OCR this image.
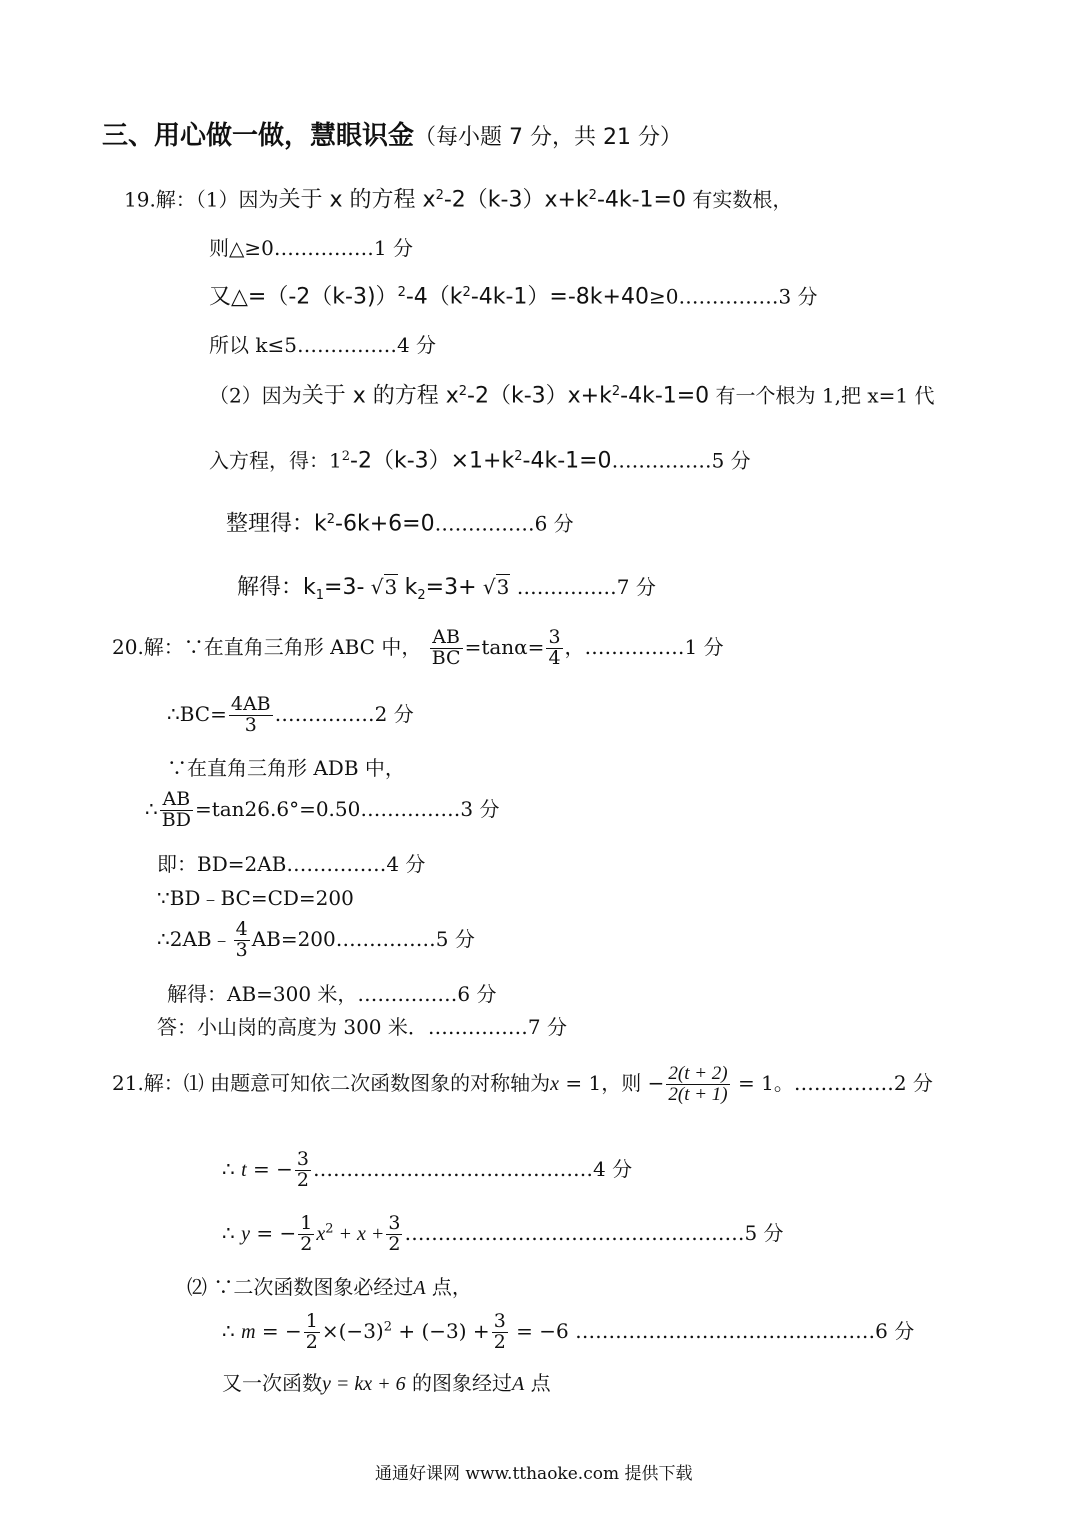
三、用心做一做，慧眼识金（每小题 7 分，共 21 分）
19.解：（1）因为关于 x 的方程 $x^2-2(k-3)x+k^2-4k-1=0$ 有实数根，
则△≥0……………1 分
又$\triangle=(-2(k-3))^2-4(k^2-4k-1)=-8k+40\ge 0\dots\dots\dots\dots\dots 3$ 分
所以 k≤5……………4 分
（2）因为关于 x 的方程 $x^2-2(k-3)x+k^2-4k-1=0$ 有一个根为 1,把 x=1 代
入方程，得：$1^2-2(k-3)\times 1+k^2-4k-1=0\dots\dots\dots\dots\dots 5$ 分
整理得：$k^2-6k+6=0\dots\dots\dots\dots\dots 6$ 分
解得：$k_1=3-$ √3 $k_2=3+ √3$ ……………7 分
20.解：∵在直角三角形 ABC 中， $\frac{AB}{BC} =\tan\alpha= \frac{3}{4}$ ，……………1 分
∴BC= $\frac{4AB}{3}$ ……………2 分
∵在直角三角形 ADB 中，
∴ $\frac{AB}{BD}$ =tan26.6°=0.50……………3 分
即：BD=2AB……………4 分
∵BD﹣BC=CD=200
∴2AB﹣ $\frac{4}{3}$ AB=200……………5 分
解得：AB=300 米，……………6 分
答：小山岗的高度为 300 米．……………7 分
21.解：⑴ 由题意可知依二次函数图象的对称轴为x = 1，则 − $\frac{2(t + 2)}{2(t + 1)} = 1$。……………2 分
∴ t = − $\frac{3}{2}$ ……………………………………4 分
∴ y = − $\frac{1}{2} x^2 + x + \frac{3}{2}$ ……………………………………………5 分
⑵ ∵二次函数图象必经过A 点，
∴ m = − $\frac{1}{2} \times(-3)^2 + (-3) + \frac{3}{2} = -6$ ………………………………………6 分
又一次函数y = kx + 6 的图象经过A 点
通通好课网 www.tthaoke.com 提供下载
